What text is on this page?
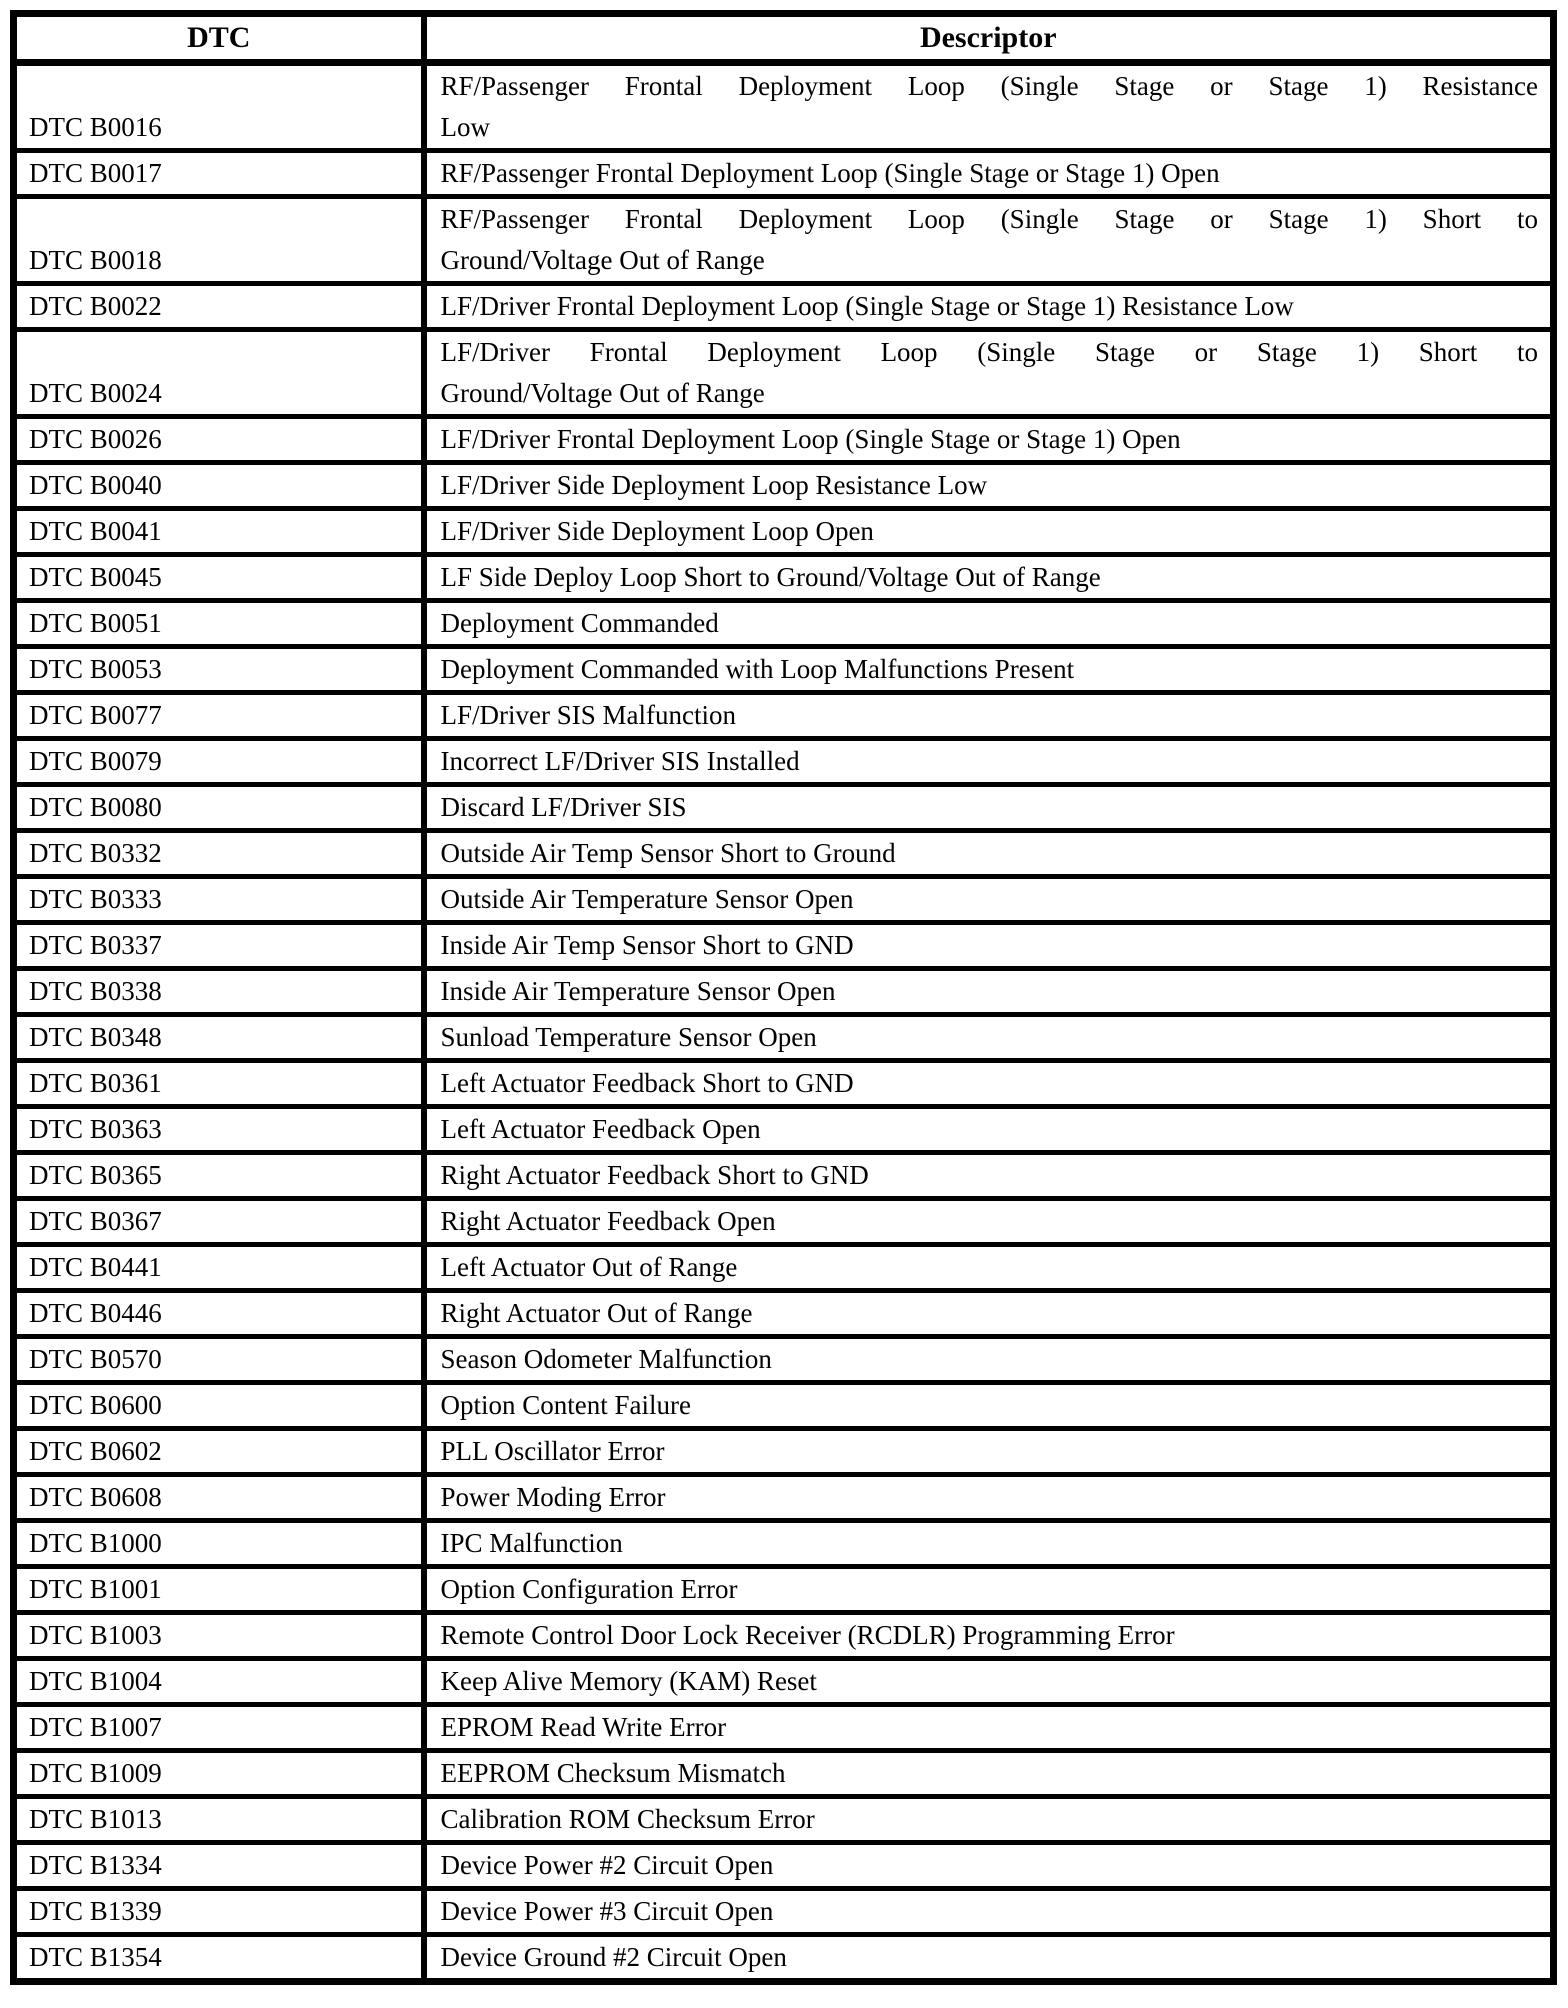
DTC	Descriptor
DTC B0016	RF/Passenger Frontal Deployment Loop (Single Stage or Stage 1) Resistance
Low

DTC B0017	RF/Passenger Frontal Deployment Loop (Single Stage or Stage 1) Open
DTC B0018	RF/Passenger Frontal Deployment Loop (Single Stage or Stage 1) Short to
Ground/Voltage Out of Range

DTC B0022	LF/Driver Frontal Deployment Loop (Single Stage or Stage 1) Resistance Low
DTC B0024	LF/Driver Frontal Deployment Loop (Single Stage or Stage 1) Short to
Ground/Voltage Out of Range

DTC B0026	LF/Driver Frontal Deployment Loop (Single Stage or Stage 1) Open
DTC B0040	LF/Driver Side Deployment Loop Resistance Low
DTC B0041	LF/Driver Side Deployment Loop Open
DTC B0045	LF Side Deploy Loop Short to Ground/Voltage Out of Range
DTC B0051	Deployment Commanded
DTC B0053	Deployment Commanded with Loop Malfunctions Present
DTC B0077	LF/Driver SIS Malfunction
DTC B0079	Incorrect LF/Driver SIS Installed
DTC B0080	Discard LF/Driver SIS
DTC B0332	Outside Air Temp Sensor Short to Ground
DTC B0333	Outside Air Temperature Sensor Open
DTC B0337	Inside Air Temp Sensor Short to GND
DTC B0338	Inside Air Temperature Sensor Open
DTC B0348	Sunload Temperature Sensor Open
DTC B0361	Left Actuator Feedback Short to GND
DTC B0363	Left Actuator Feedback Open
DTC B0365	Right Actuator Feedback Short to GND
DTC B0367	Right Actuator Feedback Open
DTC B0441	Left Actuator Out of Range
DTC B0446	Right Actuator Out of Range
DTC B0570	Season Odometer Malfunction
DTC B0600	Option Content Failure
DTC B0602	PLL Oscillator Error
DTC B0608	Power Moding Error
DTC B1000	IPC Malfunction
DTC B1001	Option Configuration Error
DTC B1003	Remote Control Door Lock Receiver (RCDLR) Programming Error
DTC B1004	Keep Alive Memory (KAM) Reset
DTC B1007	EPROM Read Write Error
DTC B1009	EEPROM Checksum Mismatch
DTC B1013	Calibration ROM Checksum Error
DTC B1334	Device Power #2 Circuit Open
DTC B1339	Device Power #3 Circuit Open
DTC B1354	Device Ground #2 Circuit Open
